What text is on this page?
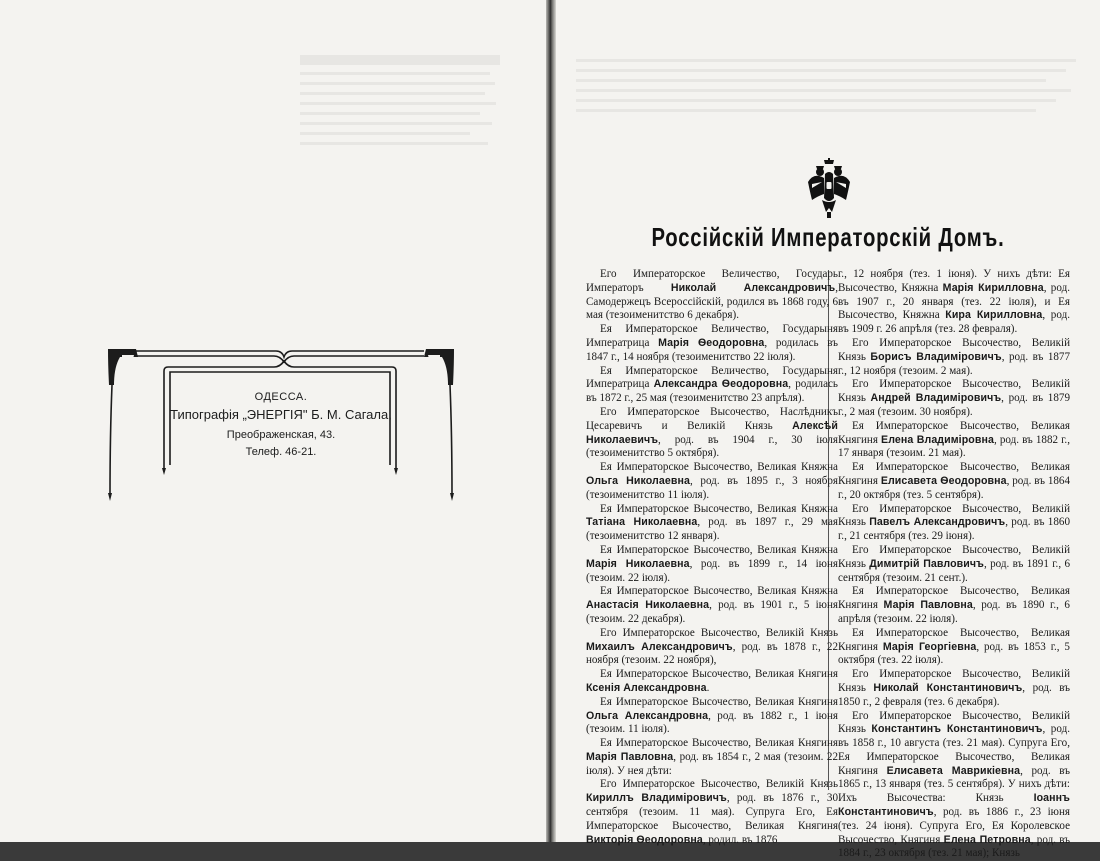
ОДЕССА.
Типографія „ЭНЕРГІЯ" Б. М. Сагала,
Преображенская, 43.
Телеф. 46-21.
Россійскій Императорскій Домъ.

Его Императорское Величество, Государь Императоръ Николай Александровичъ, Самодержецъ Всероссійскій, родился въ 1868 году, 6 мая (тезоименитство 6 декабря).

Ея Императорское Величество, Государыня Императрица Марія Ѳеодоровна, родилась въ 1847 г., 14 ноября (тезоименитство 22 іюля).

Ея Императорское Величество, Государыня Императрица Александра Ѳеодоровна, родилась въ 1872 г., 25 мая (тезоименитство 23 апрѣля).

Его Императорское Высочество, Наслѣдникъ Цесаревичъ и Великій Князь Алексѣй Николаевичъ, род. въ 1904 г., 30 іюля (тезоименитство 5 октября).

Ея Императорское Высочество, Великая Княжна Ольга Николаевна, род. въ 1895 г., 3 ноября (тезоименитство 11 іюля).

Ея Императорское Высочество, Великая Княжна Татіана Николаевна, род. въ 1897 г., 29 мая (тезоименитство 12 января).

Ея Императорское Высочество, Великая Княжна Марія Николаевна, род. въ 1899 г., 14 іюня (тезоим. 22 іюля).

Ея Императорское Высочество, Великая Княжна Анастасія Николаевна, род. въ 1901 г., 5 іюня (тезоим. 22 декабря).

Его Императорское Высочество, Великій Князь Михаилъ Александровичъ, род. въ 1878 г., 22 ноября (тезоим. 22 ноября),

Ея Императорское Высочество, Великая Княгиня Ксенія Александровна.

Ея Императорское Высочество, Великая Княгиня Ольга Александровна, род. въ 1882 г., 1 іюня (тезоим. 11 іюля).

Ея Императорское Высочество, Великая Княгиня Марія Павловна, род. въ 1854 г., 2 мая (тезоим. 22 іюля). У нея дѣти:

Его Императорское Высочество, Великій Князь Кириллъ Владиміровичъ, род. въ 1876 г., 30 сентября (тезоим. 11 мая). Супруга Его, Ея Императорское Высочество, Великая Княгиня Викторія Ѳеодоровна, родил. въ 1876

г., 12 ноября (тез. 1 іюня). У нихъ дѣти: Ея Высочество, Княжна Марія Кирилловна, род. въ 1907 г., 20 января (тез. 22 іюля), и Ея Высочество, Княжна Кира Кирилловна, род. въ 1909 г. 26 апрѣля (тез. 28 февраля).

Его Императорское Высочество, Великій Князь Борисъ Владиміровичъ, род. въ 1877 г., 12 ноября (тезоим. 2 мая).

Его Императорское Высочество, Великій Князь Андрей Владиміровичъ, род. въ 1879 г., 2 мая (тезоим. 30 ноября).

Ея Императорское Высочество, Великая Княгиня Елена Владиміровна, род. въ 1882 г., 17 января (тезоим. 21 мая).

Ея Императорское Высочество, Великая Княгиня Елисавета Ѳеодоровна, род. въ 1864 г., 20 октября (тез. 5 сентября).

Его Императорское Высочество, Великій Князь Павелъ Александровичъ, род. въ 1860 г., 21 сентября (тез. 29 іюня).

Его Императорское Высочество, Великій Князь Димитрій Павловичъ, род. въ 1891 г., 6 сентября (тезоим. 21 сент.).

Ея Императорское Высочество, Великая Княгиня Марія Павловна, род. въ 1890 г., 6 апрѣля (тезоим. 22 іюля).

Ея Императорское Высочество, Великая Княгиня Марія Георгіевна, род. въ 1853 г., 5 октября (тез. 22 іюля).

Его Императорское Высочество, Великій Князь Николай Константиновичъ, род. въ 1850 г., 2 февраля (тез. 6 декабря).

Его Императорское Высочество, Великій Князь Константинъ Константиновичъ, род. въ 1858 г., 10 августа (тез. 21 мая). Супруга Его, Ея Императорское Высочество, Великая Княгиня Елисавета Маврикіевна, род. въ 1865 г., 13 января (тез. 5 сентября). У нихъ дѣти: Ихъ Высочества: Князь Іоаннъ Константиновичъ, род. въ 1886 г., 23 іюня (тез. 24 іюня). Супруга Его, Ея Королевское Высочество, Княгиня Елена Петровна, род. въ 1884 г., 23 октября (тез. 21 мая); Князь
